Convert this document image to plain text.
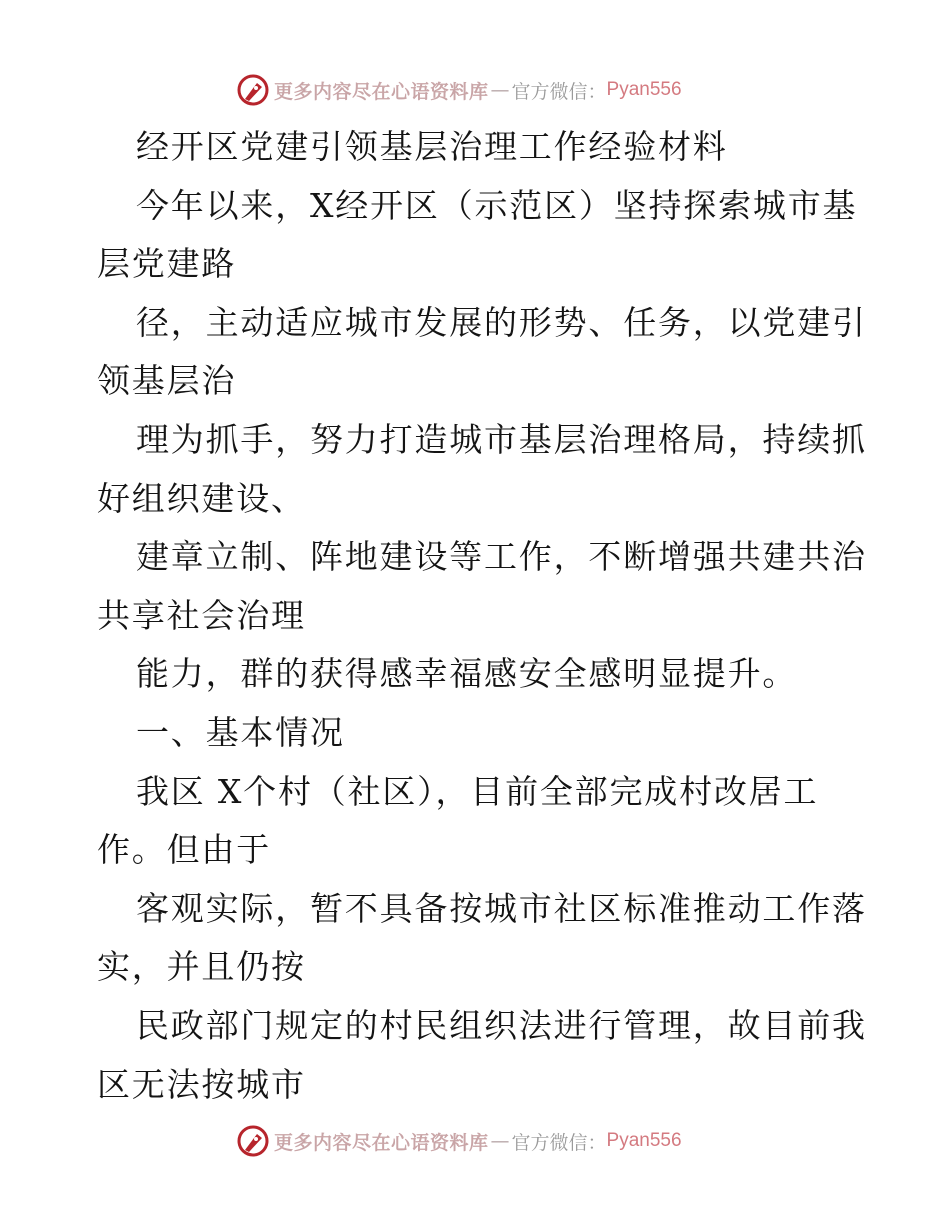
更多内容尽在心语资料库 — 官方微信： Pyan556
经开区党建引领基层治理工作经验材料
今年以来，X经开区（示范区）坚持探索城市基
层党建路
径，主动适应城市发展的形势、任务，以党建引
领基层治
理为抓手，努力打造城市基层治理格局，持续抓
好组织建设、
建章立制、阵地建设等工作，不断增强共建共治
共享社会治理
能力，群的获得感幸福感安全感明显提升。
一、基本情况
我区 X个村（社区），目前全部完成村改居工
作。但由于
客观实际，暂不具备按城市社区标准推动工作落
实，并且仍按
民政部门规定的村民组织法进行管理，故目前我
区无法按城市
更多内容尽在心语资料库 — 官方微信： Pyan556
